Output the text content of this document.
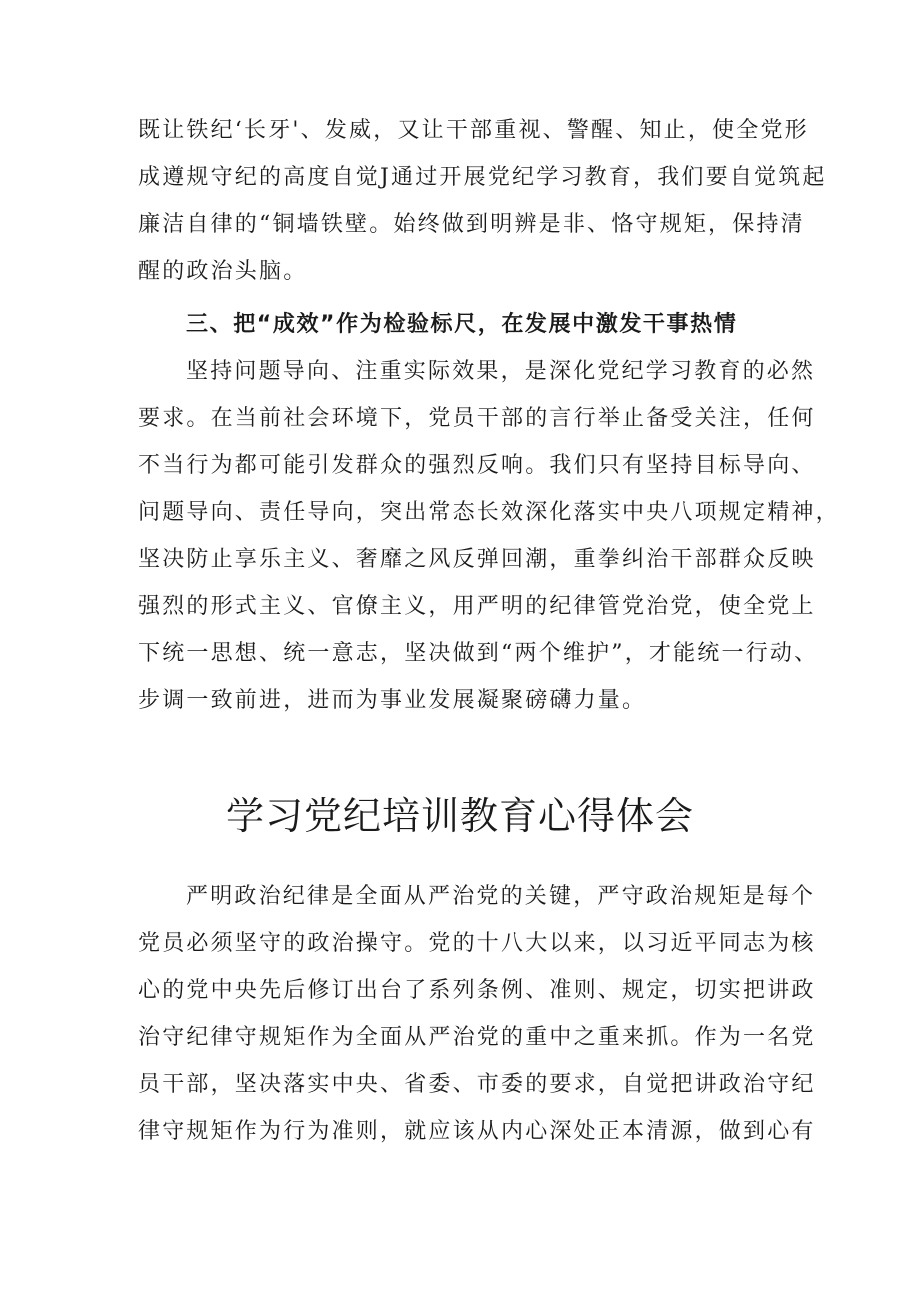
既让铁纪‘长牙'、发威，又让干部重视、警醒、知止，使全党形
成遵规守纪的高度自觉J通过开展党纪学习教育，我们要自觉筑起
廉洁自律的“铜墙铁壁。始终做到明辨是非、恪守规矩，保持清
醒的政治头脑。
三、把“成效”作为检验标尺，在发展中激发干事热情
坚持问题导向、注重实际效果，是深化党纪学习教育的必然
要求。在当前社会环境下，党员干部的言行举止备受关注，任何
不当行为都可能引发群众的强烈反响。我们只有坚持目标导向、
问题导向、责任导向，突出常态长效深化落实中央八项规定精神，
坚决防止享乐主义、奢靡之风反弹回潮，重拳纠治干部群众反映
强烈的形式主义、官僚主义，用严明的纪律管党治党，使全党上
下统一思想、统一意志，坚决做到“两个维护”，才能统一行动、
步调一致前进，进而为事业发展凝聚磅礴力量。
学习党纪培训教育心得体会
严明政治纪律是全面从严治党的关键，严守政治规矩是每个
党员必须坚守的政治操守。党的十八大以来，以习近平同志为核
心的党中央先后修订出台了系列条例、准则、规定，切实把讲政
治守纪律守规矩作为全面从严治党的重中之重来抓。作为一名党
员干部，坚决落实中央、省委、市委的要求，自觉把讲政治守纪
律守规矩作为行为准则，就应该从内心深处正本清源，做到心有
